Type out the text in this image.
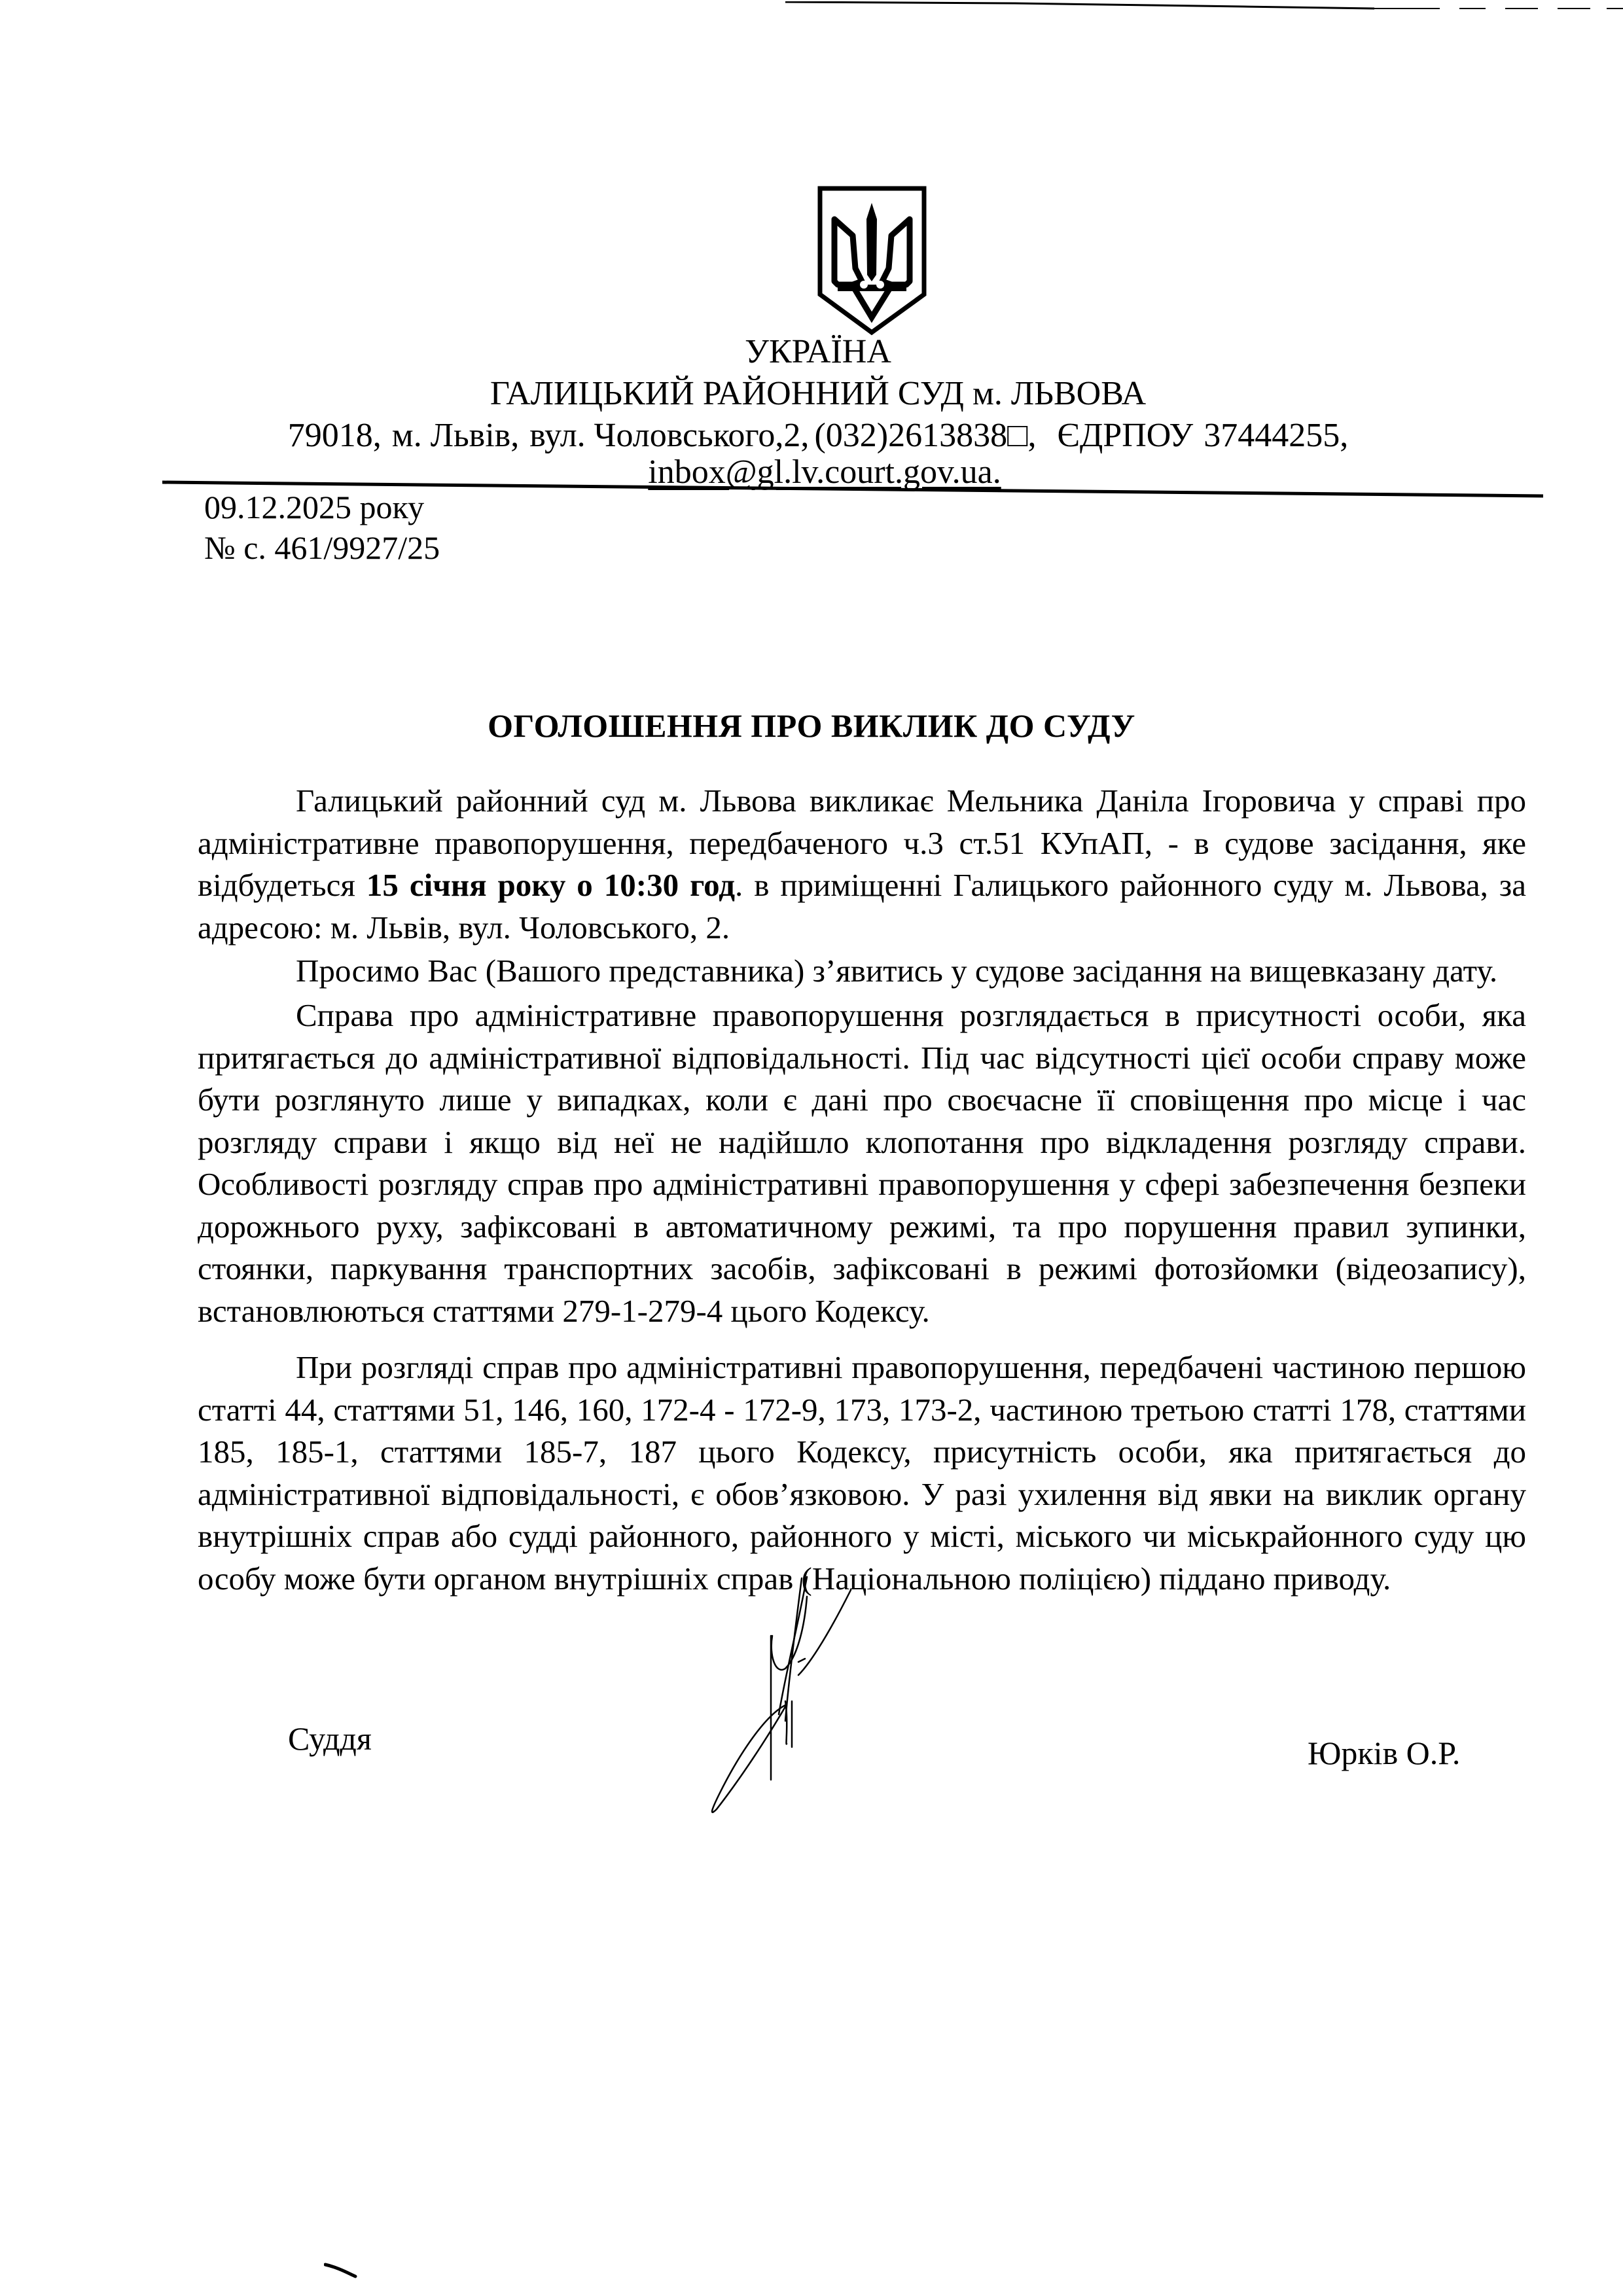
УКРАЇНА
ГАЛИЦЬКИЙ РАЙОННИЙ СУД м. ЛЬВОВА
79018, м. Львів, вул. Чоловського,2, (032)2613838□, ЄДРПОУ 37444255,
inbox@gl.lv.court.gov.ua.
09.12.2025 року
№ с. 461/9927/25
ОГОЛОШЕННЯ ПРО ВИКЛИК ДО СУДУ

Галицький районний суд м. Львова викликає Мельника Даніла Ігоровича у справі про адміністративне правопорушення, передбаченого ч.3 ст.51 КУпАП, - в судове засідання, яке відбудеться 15 січня року о 10:30 год. в приміщенні Галицького районного суду м. Львова, за адресою: м. Львів, вул. Чоловського, 2.

Просимо Вас (Вашого представника) з’явитись у судове засідання на вищевказану дату.

Справа про адміністративне правопорушення розглядається в присутності особи, яка притягається до адміністративної відповідальності. Під час відсутності цієї особи справу може бути розглянуто лише у випадках, коли є дані про своєчасне її сповіщення про місце і час розгляду справи і якщо від неї не надійшло клопотання про відкладення розгляду справи. Особливості розгляду справ про адміністративні правопорушення у сфері забезпечення безпеки дорожнього руху, зафіксовані в автоматичному режимі, та про порушення правил зупинки, стоянки, паркування транспортних засобів, зафіксовані в режимі фотозйомки (відеозапису), встановлюються статтями 279-1-279-4 цього Кодексу.

При розгляді справ про адміністративні правопорушення, передбачені частиною першою статті 44, статтями 51, 146, 160, 172-4 - 172-9, 173, 173-2, частиною третьою статті 178, статтями 185, 185-1, статтями 185-7, 187 цього Кодексу, присутність особи, яка притягається до адміністративної відповідальності, є обов’язковою. У разі ухилення від явки на виклик органу внутрішніх справ або судді районного, районного у місті, міського чи міськрайонного суду цю особу може бути органом внутрішніх справ (Національною поліцією) піддано приводу.

Суддя	Юрків О.Р.
